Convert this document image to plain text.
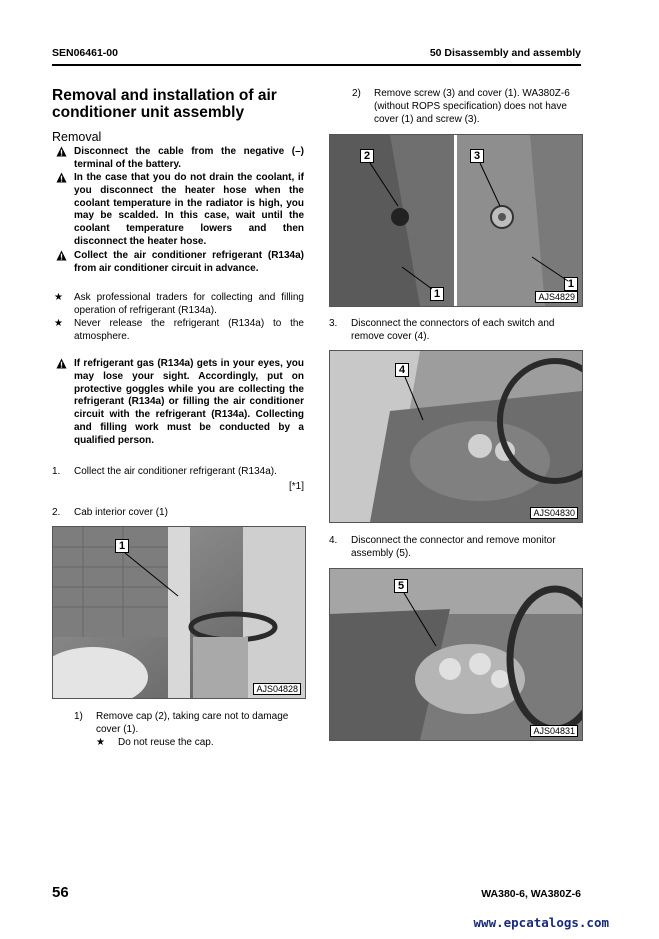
SEN06461-00	50 Disassembly and assembly
Removal and installation of air conditioner unit assembly
Removal
Disconnect the cable from the negative (–) terminal of the battery.
In the case that you do not drain the coolant, if you disconnect the heater hose when the coolant temperature in the radiator is high, you may be scalded. In this case, wait until the coolant temperature lowers and then disconnect the heater hose.
Collect the air conditioner refrigerant (R134a) from air conditioner circuit in advance.
★	Ask professional traders for collecting and filling operation of refrigerant (R134a).
★	Never release the refrigerant (R134a) to the atmosphere.
If refrigerant gas (R134a) gets in your eyes, you may lose your sight. Accordingly, put on protective goggles while you are collecting the refrigerant (R134a) or filling the air conditioner circuit with the refrigerant (R134a). Collecting and filling work must be conducted by a qualified person.
1.	Collect the air conditioner refrigerant (R134a).
[*1]
2.	Cab interior cover (1)
1
AJS04828
1)	Remove cap (2), taking care not to damage cover (1).
★	Do not reuse the cap.
2)	Remove screw (3) and cover (1). WA380Z-6 (without ROPS specification) does not have cover (1) and screw (3).
2	3
1
1
AJS4829
3.	Disconnect the connectors of each switch and remove cover (4).
4
AJS04830
4.	Disconnect the connector and remove monitor assembly (5).
5
AJS04831
56	WA380-6, WA380Z-6
www.epcatalogs.com
